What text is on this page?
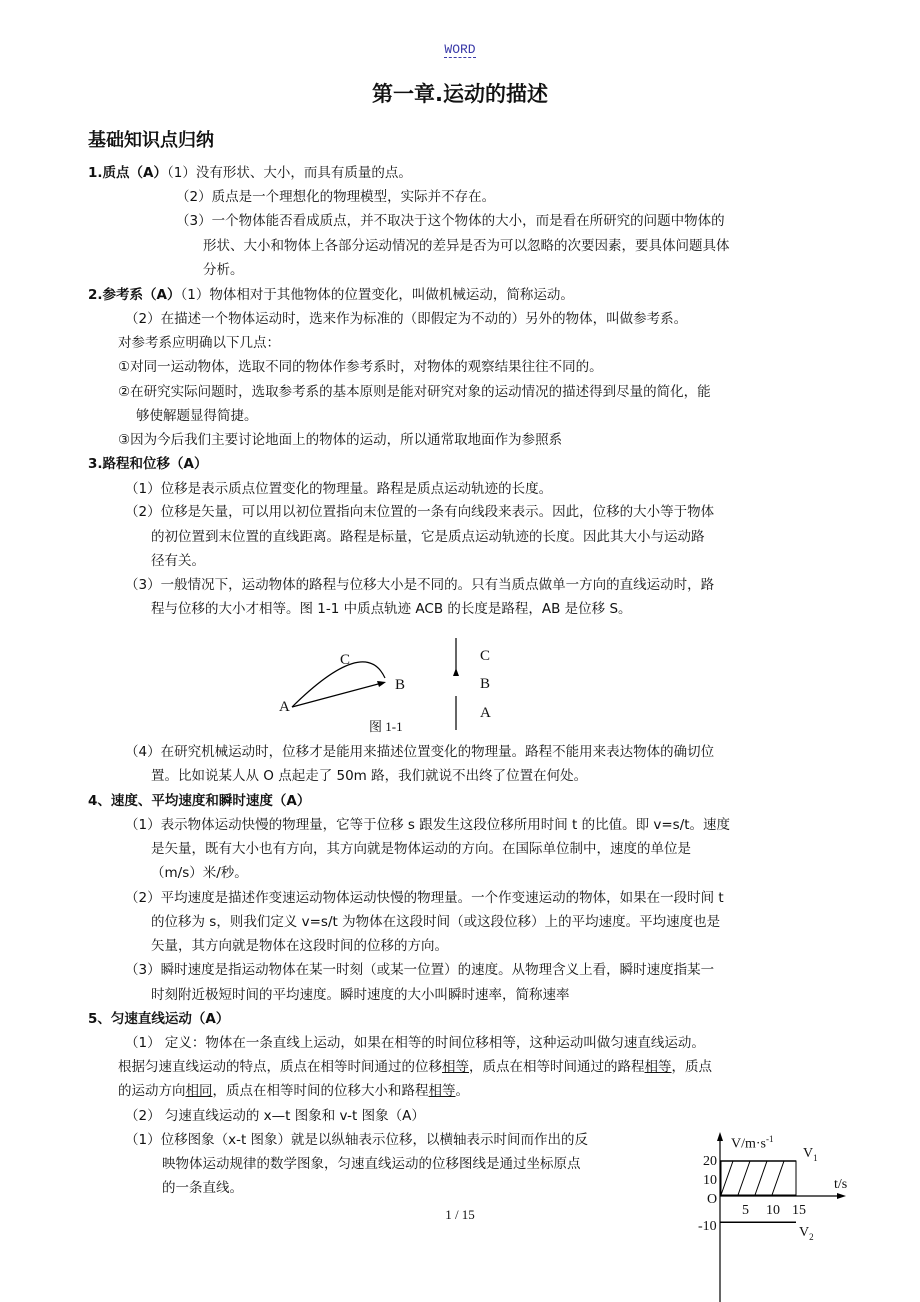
WORD
第一章.运动的描述
基础知识点归纳
1.质点（A）（1）没有形状、大小，而具有质量的点。
（2）质点是一个理想化的物理模型，实际并不存在。
（3）一个物体能否看成质点，并不取决于这个物体的大小，而是看在所研究的问题中物体的
形状、大小和物体上各部分运动情况的差异是否为可以忽略的次要因素，要具体问题具体
分析。
2.参考系（A）（1）物体相对于其他物体的位置变化，叫做机械运动，简称运动。
（2）在描述一个物体运动时，选来作为标准的（即假定为不动的）另外的物体，叫做参考系。
对参考系应明确以下几点：
①对同一运动物体，选取不同的物体作参考系时，对物体的观察结果往往不同的。
②在研究实际问题时，选取参考系的基本原则是能对研究对象的运动情况的描述得到尽量的简化，能
够使解题显得简捷。
③因为今后我们主要讨论地面上的物体的运动，所以通常取地面作为参照系
3.路程和位移（A）
（1）位移是表示质点位置变化的物理量。路程是质点运动轨迹的长度。
（2）位移是矢量，可以用以初位置指向末位置的一条有向线段来表示。因此，位移的大小等于物体
的初位置到末位置的直线距离。路程是标量，它是质点运动轨迹的长度。因此其大小与运动路
径有关。
（3）一般情况下，运动物体的路程与位移大小是不同的。只有当质点做单一方向的直线运动时，路
程与位移的大小才相等。图 1-1 中质点轨迹 ACB 的长度是路程，AB 是位移 S。
C
B
A
图 1-1
C
B
A
（4）在研究机械运动时，位移才是能用来描述位置变化的物理量。路程不能用来表达物体的确切位
置。比如说某人从 O 点起走了 50m 路，我们就说不出终了位置在何处。
4、速度、平均速度和瞬时速度（A）
（1）表示物体运动快慢的物理量，它等于位移 s 跟发生这段位移所用时间 t 的比值。即 v=s/t。速度
是矢量，既有大小也有方向，其方向就是物体运动的方向。在国际单位制中，速度的单位是
（m/s）米/秒。
（2）平均速度是描述作变速运动物体运动快慢的物理量。一个作变速运动的物体，如果在一段时间 t
的位移为 s，则我们定义 v=s/t 为物体在这段时间（或这段位移）上的平均速度。平均速度也是
矢量，其方向就是物体在这段时间的位移的方向。
（3）瞬时速度是指运动物体在某一时刻（或某一位置）的速度。从物理含义上看，瞬时速度指某一
时刻附近极短时间的平均速度。瞬时速度的大小叫瞬时速率，简称速率
5、匀速直线运动（A）
（1） 定义：物体在一条直线上运动，如果在相等的时间位移相等，这种运动叫做匀速直线运动。
根据匀速直线运动的特点，质点在相等时间通过的位移相等，质点在相等时间通过的路程相等，质点
的运动方向相同，质点在相等时间的位移大小和路程相等。
（2） 匀速直线运动的 x—t 图象和 v-t 图象（A）
（1）位移图象（x-t 图象）就是以纵轴表示位移，以横轴表示时间而作出的反
映物体运动规律的数学图象，匀速直线运动的位移图线是通过坐标原点
的一条直线。
$V/m\cdot s^{-1}$
$V_1$
20
10
O
-10
t/s
5 10 15
$V_2$
1 / 15
